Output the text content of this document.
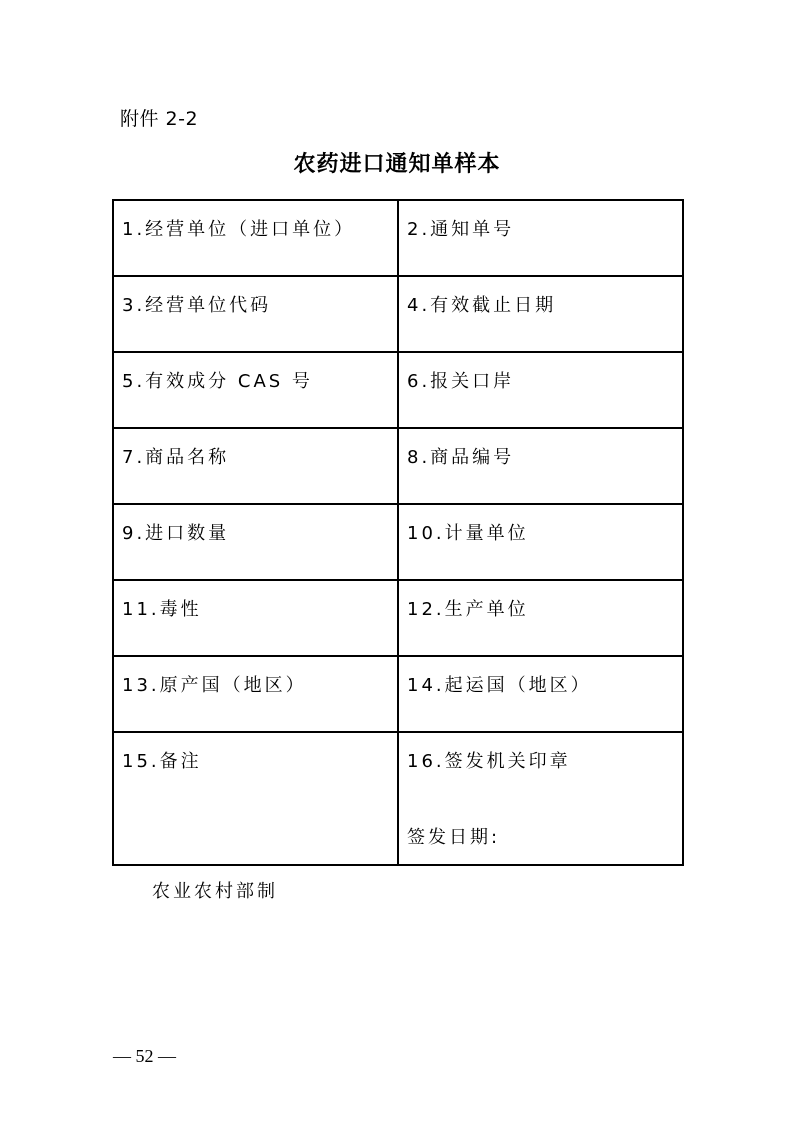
附件 2-2
农药进口通知单样本
1.经营单位（进口单位）	2.通知单号
3.经营单位代码	4.有效截止日期
5.有效成分 CAS 号	6.报关口岸
7.商品名称	8.商品编号
9.进口数量	10.计量单位
11.毒性	12.生产单位
13.原产国（地区）	14.起运国（地区）
15.备注	16.签发机关印章
签发日期:
农业农村部制
— 52 —
